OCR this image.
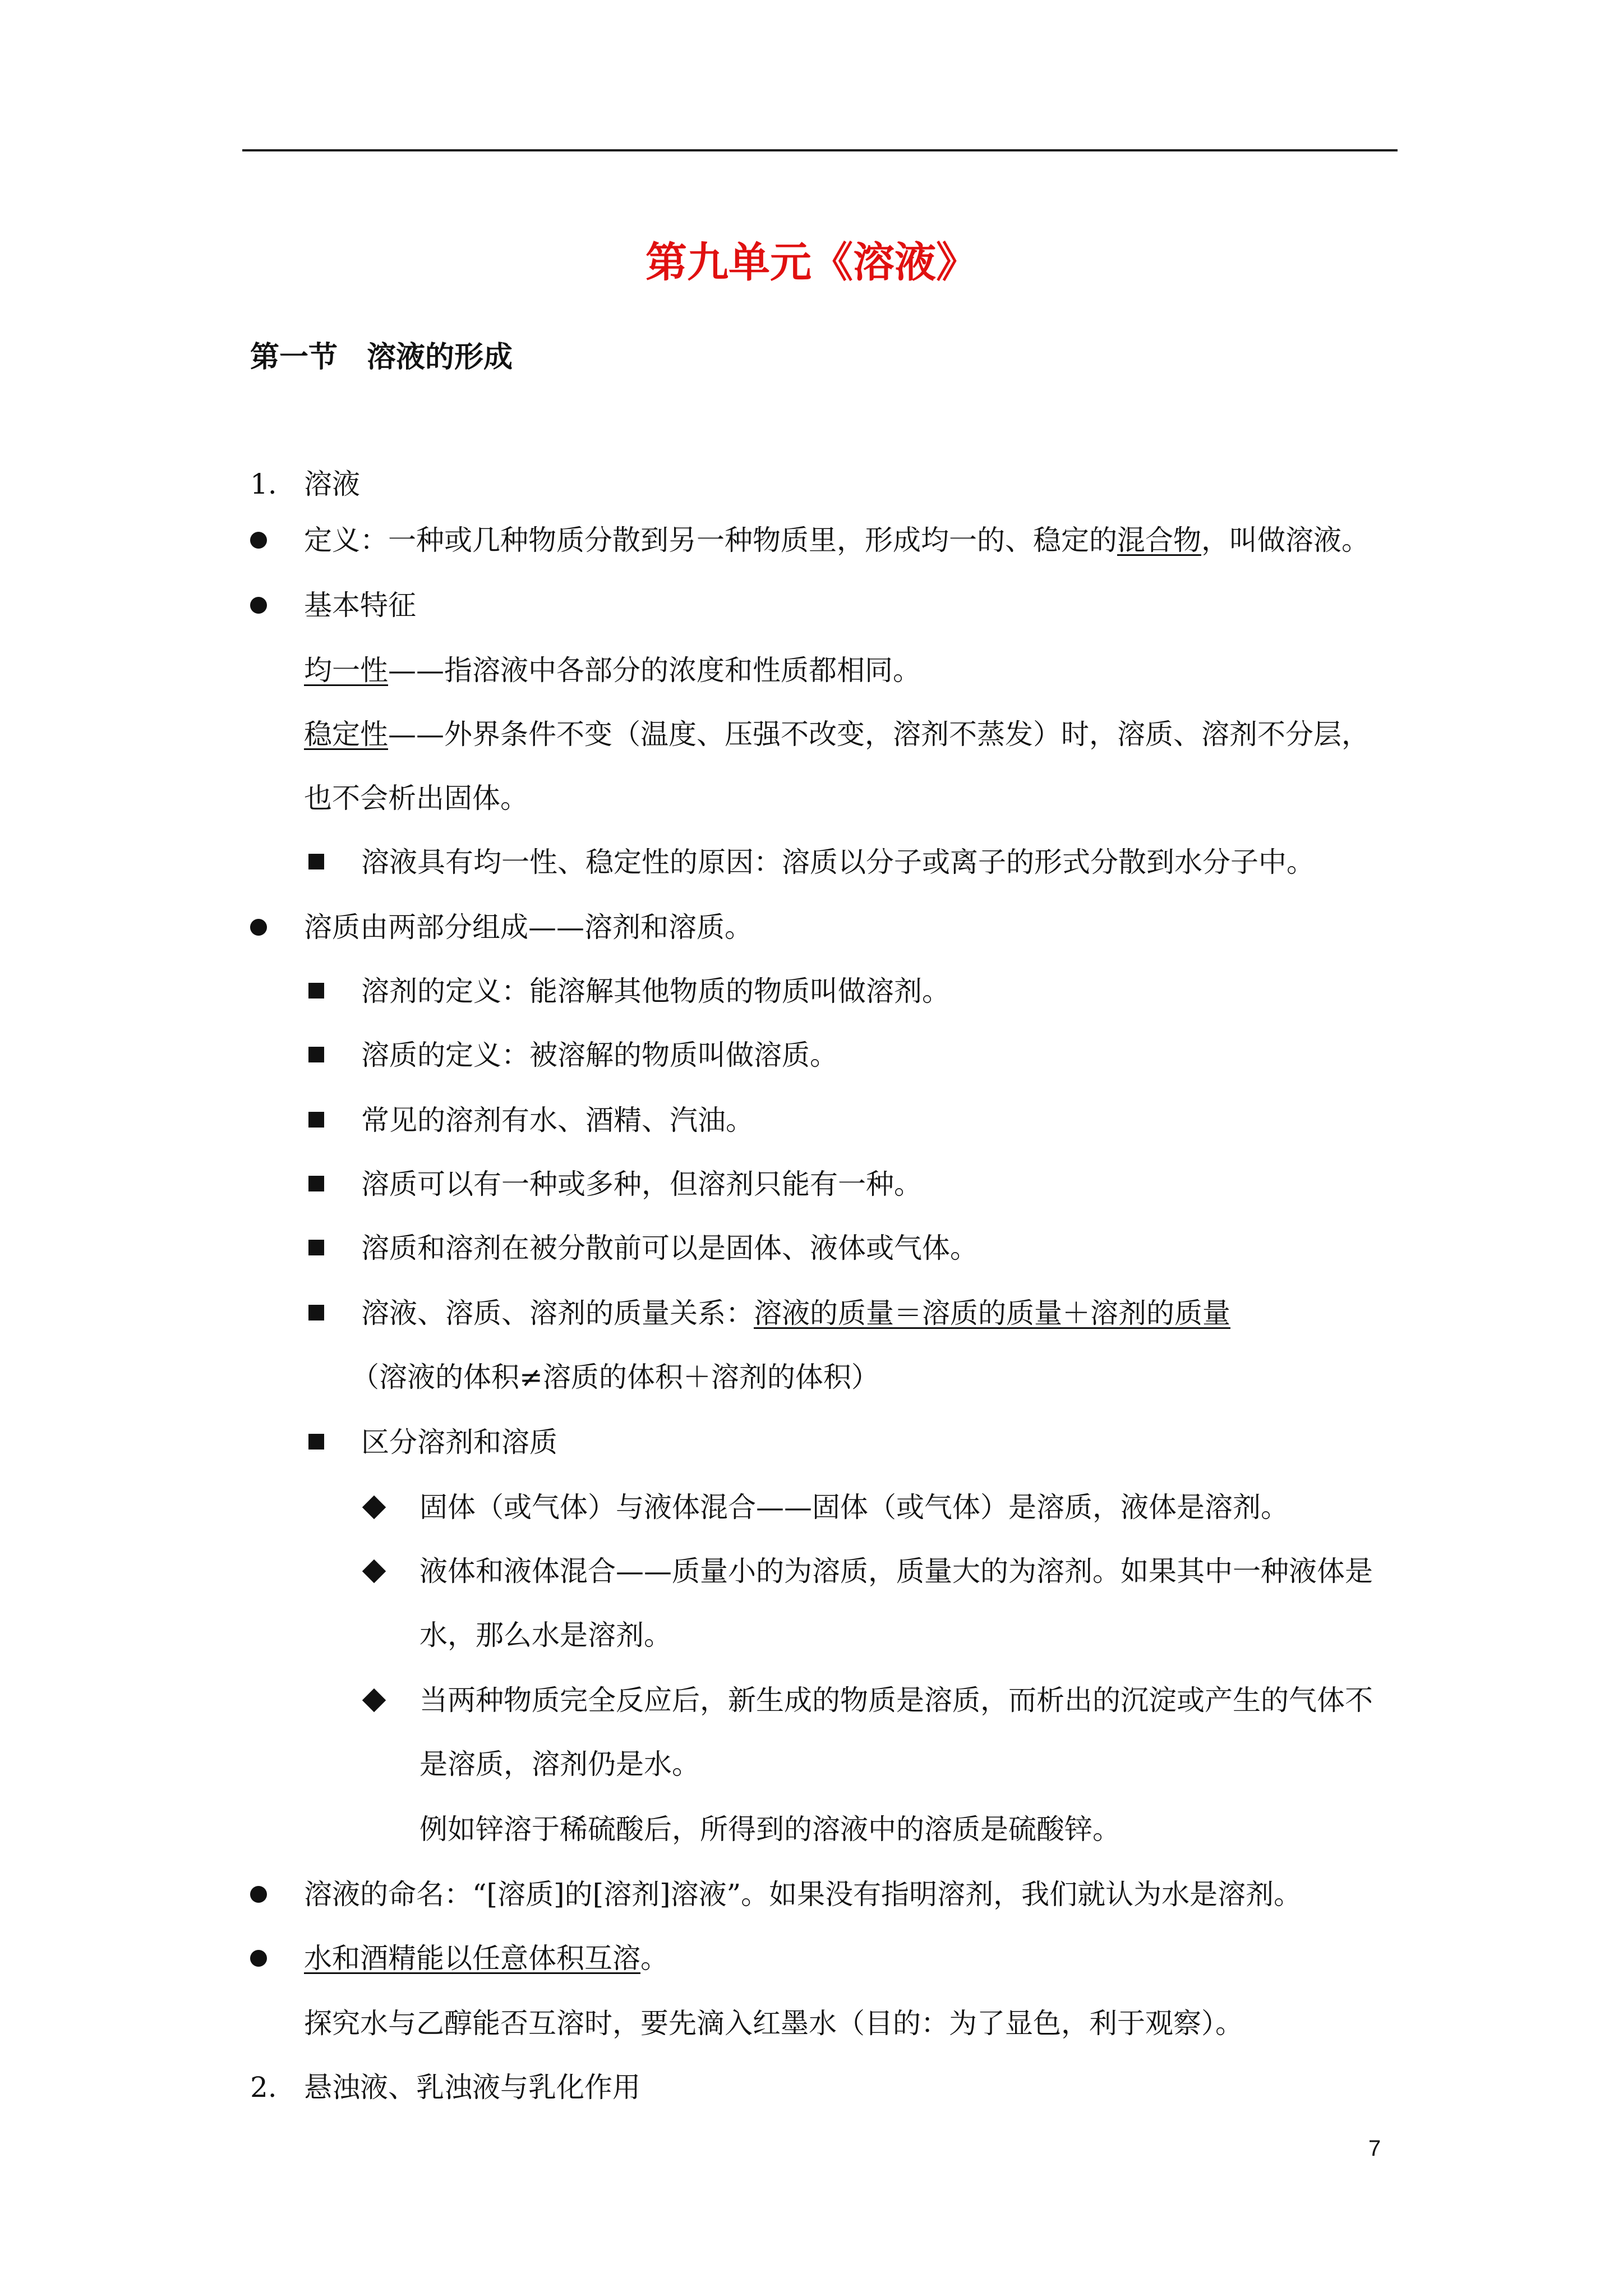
第九单元《溶液》
第一节　溶液的形成
1. 溶液
定义：一种或几种物质分散到另一种物质里，形成均一的、稳定的混合物，叫做溶液。
基本特征
均一性——指溶液中各部分的浓度和性质都相同。
稳定性——外界条件不变（温度、压强不改变，溶剂不蒸发）时，溶质、溶剂不分层，
也不会析出固体。
溶液具有均一性、稳定性的原因：溶质以分子或离子的形式分散到水分子中。
溶质由两部分组成——溶剂和溶质。
溶剂的定义：能溶解其他物质的物质叫做溶剂。
溶质的定义：被溶解的物质叫做溶质。
常见的溶剂有水、酒精、汽油。
溶质可以有一种或多种，但溶剂只能有一种。
溶质和溶剂在被分散前可以是固体、液体或气体。
溶液、溶质、溶剂的质量关系：溶液的质量＝溶质的质量＋溶剂的质量
（溶液的体积≠溶质的体积＋溶剂的体积）
区分溶剂和溶质
固体（或气体）与液体混合——固体（或气体）是溶质，液体是溶剂。
液体和液体混合——质量小的为溶质，质量大的为溶剂。如果其中一种液体是
水，那么水是溶剂。
当两种物质完全反应后，新生成的物质是溶质，而析出的沉淀或产生的气体不
是溶质，溶剂仍是水。
例如锌溶于稀硫酸后，所得到的溶液中的溶质是硫酸锌。
溶液的命名：“[溶质]的[溶剂]溶液”。如果没有指明溶剂，我们就认为水是溶剂。
水和酒精能以任意体积互溶。
探究水与乙醇能否互溶时，要先滴入红墨水（目的：为了显色，利于观察）。
2. 悬浊液、乳浊液与乳化作用
7
